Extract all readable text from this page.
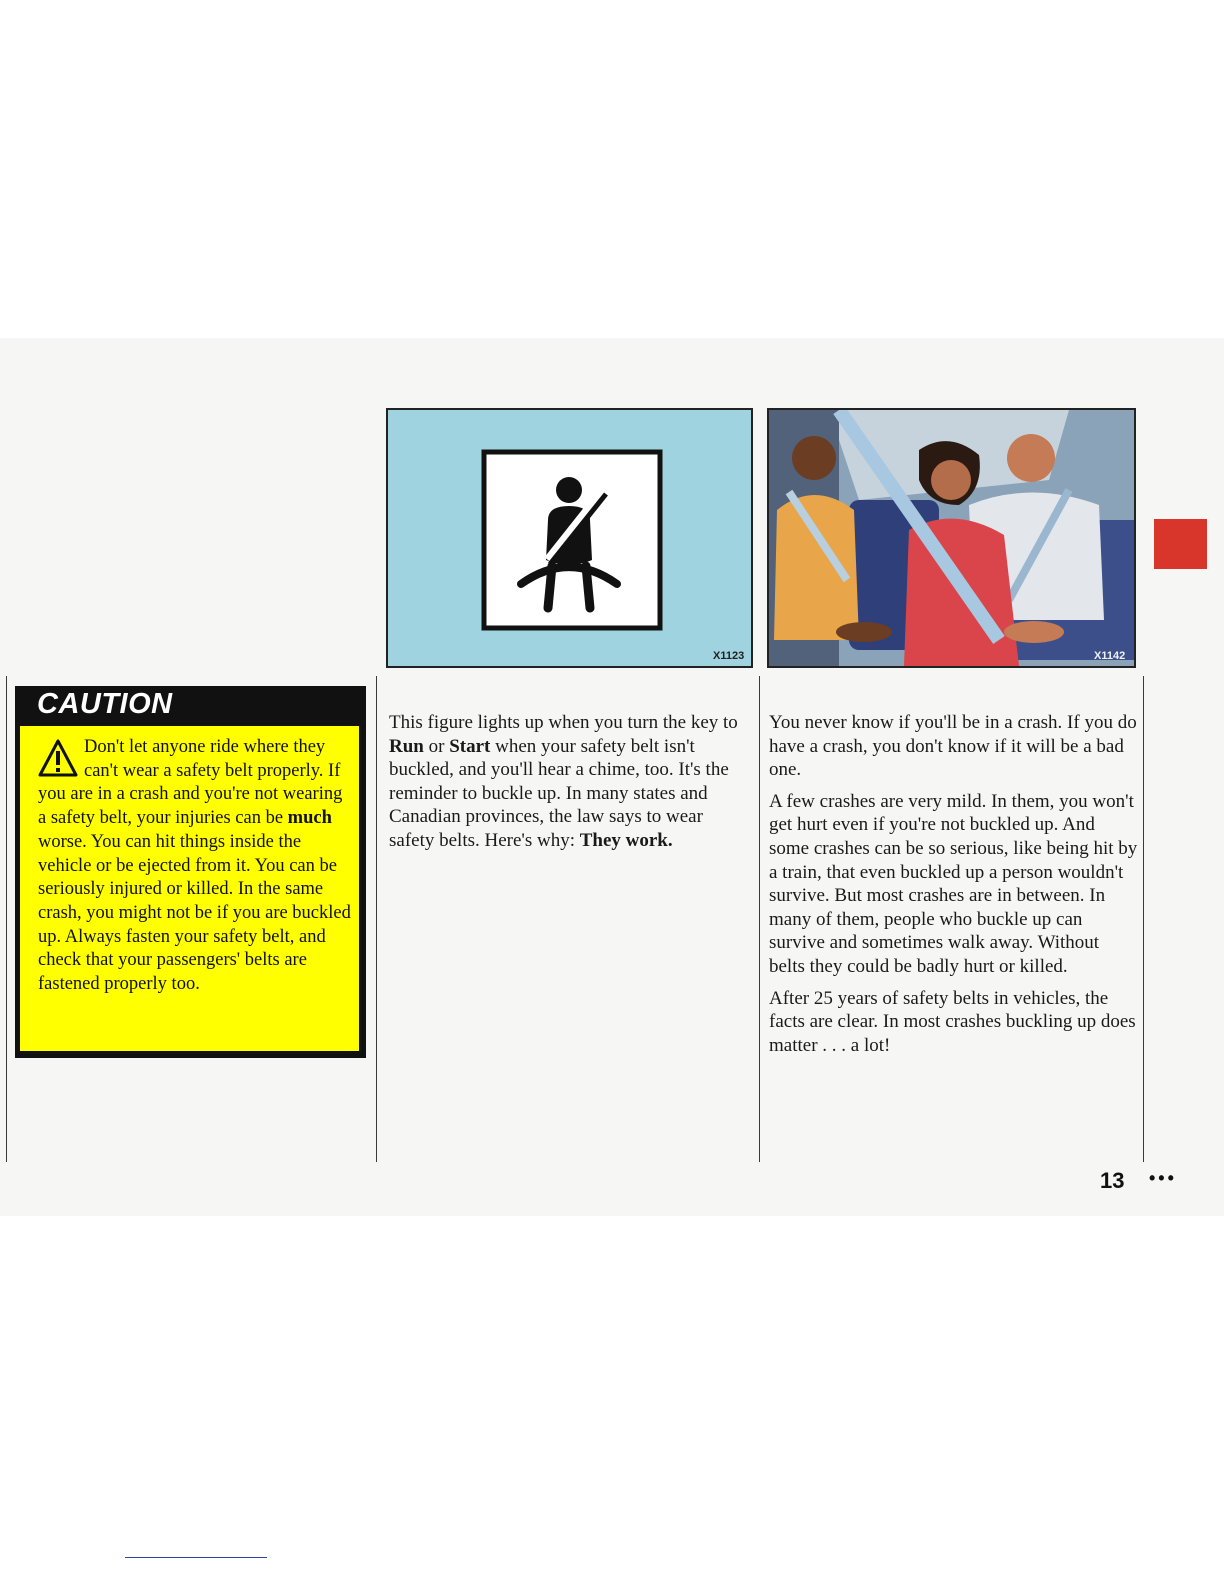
CAUTION
Don't let anyone ride where they can't wear a safety belt properly. If you are in a crash and you're not wearing a safety belt, your injuries can be much worse. You can hit things inside the vehicle or be ejected from it. You can be seriously injured or killed. In the same crash, you might not be if you are buckled up. Always fasten your safety belt, and check that your passengers' belts are fastened properly too.
X1123	X1142

This figure lights up when you turn the key to Run or Start when your safety belt isn't buckled, and you'll hear a chime, too. It's the reminder to buckle up. In many states and Canadian provinces, the law says to wear safety belts. Here's why: They work.

You never know if you'll be in a crash. If you do have a crash, you don't know if it will be a bad one.

A few crashes are very mild. In them, you won't get hurt even if you're not buckled up. And some crashes can be so serious, like being hit by a train, that even buckled up a person wouldn't survive. But most crashes are in between. In many of them, people who buckle up can survive and sometimes walk away. Without belts they could be badly hurt or killed.

After 25 years of safety belts in vehicles, the facts are clear. In most crashes buckling up does matter . . . a lot!

13 •••
